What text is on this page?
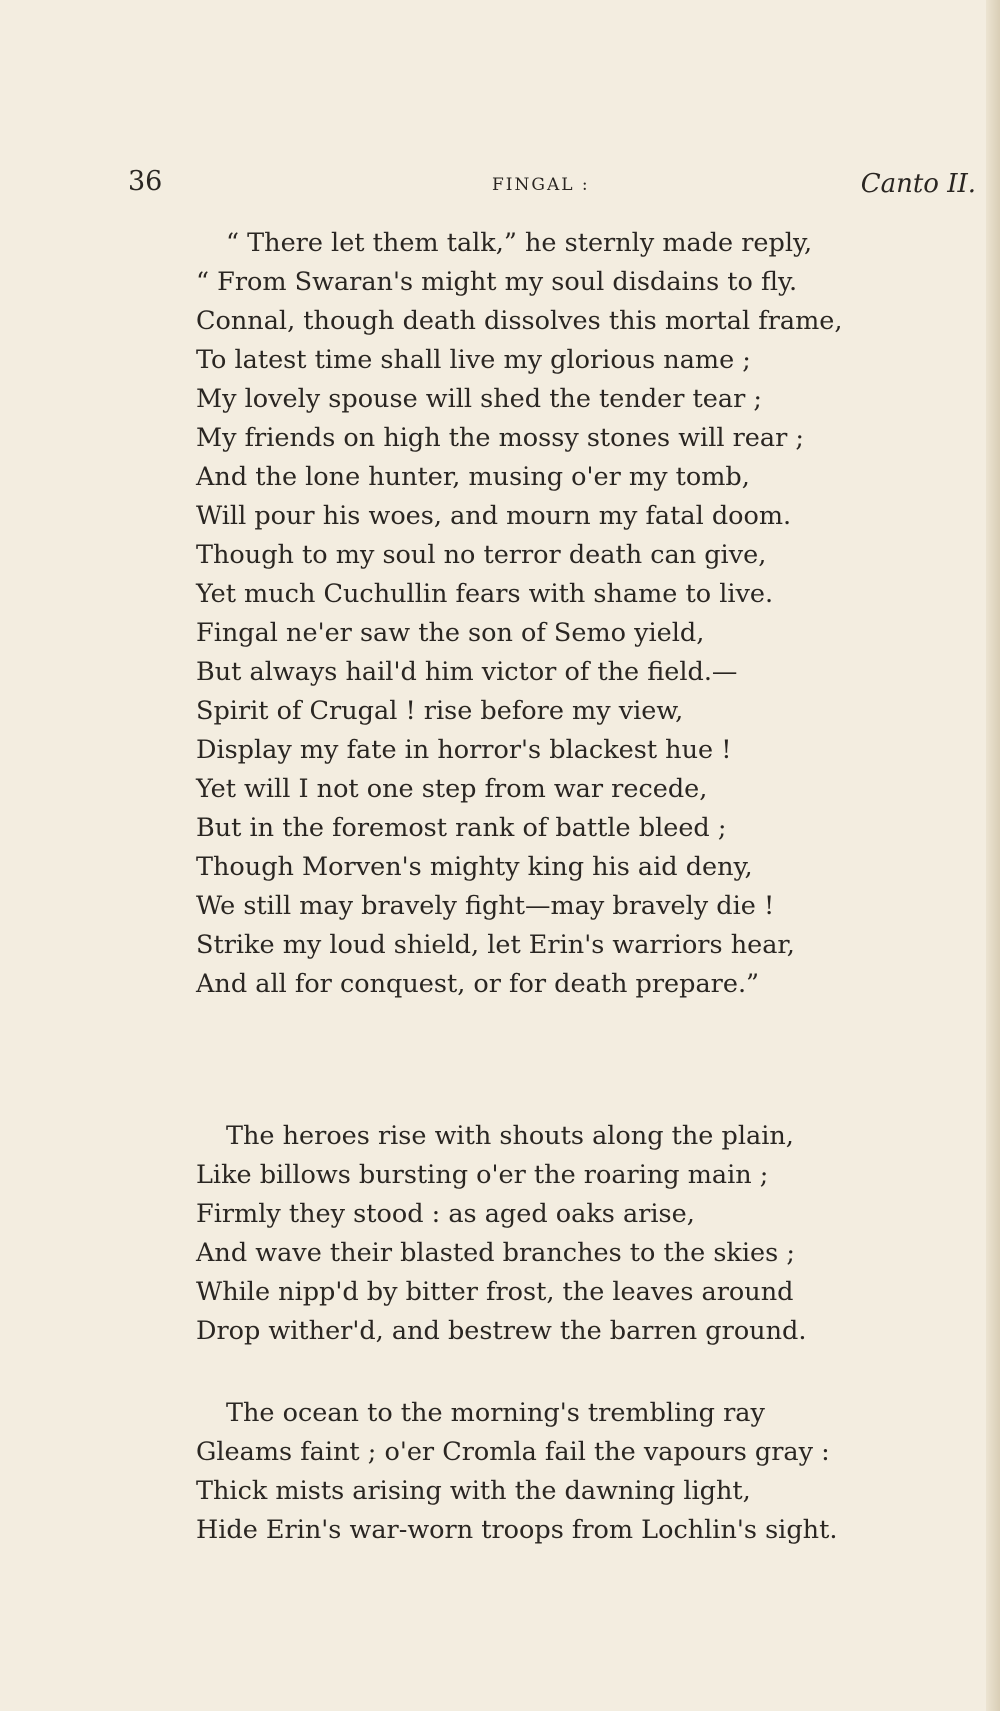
36	FINGAL :	Canto II.
“ There let them talk,” he sternly made reply,
“ From Swaran's might my soul disdains to fly.
Connal, though death dissolves this mortal frame,
To latest time shall live my glorious name ;
My lovely spouse will shed the tender tear ;
My friends on high the mossy stones will rear ;
And the lone hunter, musing o'er my tomb,
Will pour his woes, and mourn my fatal doom.
Though to my soul no terror death can give,
Yet much Cuchullin fears with shame to live.
Fingal ne'er saw the son of Semo yield,
But always hail'd him victor of the field.—
Spirit of Crugal ! rise before my view,
Display my fate in horror's blackest hue !
Yet will I not one step from war recede,
But in the foremost rank of battle bleed ;
Though Morven's mighty king his aid deny,
We still may bravely fight—may bravely die !
Strike my loud shield, let Erin's warriors hear,
And all for conquest, or for death prepare.”
The heroes rise with shouts along the plain,
Like billows bursting o'er the roaring main ;
Firmly they stood : as aged oaks arise,
And wave their blasted branches to the skies ;
While nipp'd by bitter frost, the leaves around
Drop wither'd, and bestrew the barren ground.
The ocean to the morning's trembling ray
Gleams faint ; o'er Cromla fail the vapours gray :
Thick mists arising with the dawning light,
Hide Erin's war-worn troops from Lochlin's sight.
